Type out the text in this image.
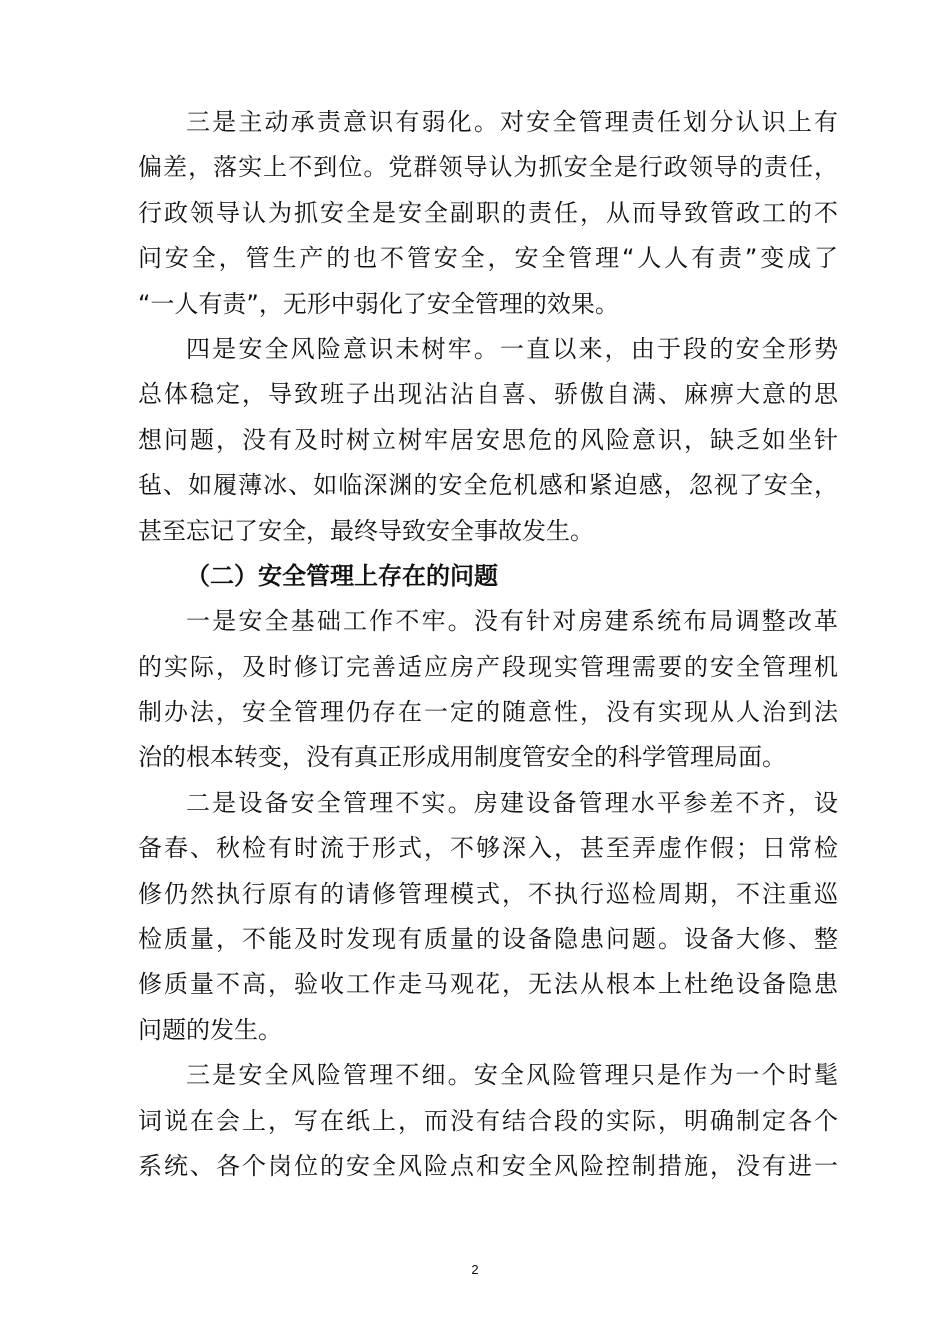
三是主动承责意识有弱化。对安全管理责任划分认识上有
偏差，落实上不到位。党群领导认为抓安全是行政领导的责任，
行政领导认为抓安全是安全副职的责任，从而导致管政工的不
问安全，管生产的也不管安全，安全管理“人人有责”变成了
“一人有责”，无形中弱化了安全管理的效果。
四是安全风险意识未树牢。一直以来，由于段的安全形势
总体稳定，导致班子出现沾沾自喜、骄傲自满、麻痹大意的思
想问题，没有及时树立树牢居安思危的风险意识，缺乏如坐针
毡、如履薄冰、如临深渊的安全危机感和紧迫感，忽视了安全，
甚至忘记了安全，最终导致安全事故发生。
（二）安全管理上存在的问题
一是安全基础工作不牢。没有针对房建系统布局调整改革
的实际，及时修订完善适应房产段现实管理需要的安全管理机
制办法，安全管理仍存在一定的随意性，没有实现从人治到法
治的根本转变，没有真正形成用制度管安全的科学管理局面。
二是设备安全管理不实。房建设备管理水平参差不齐，设
备春、秋检有时流于形式，不够深入，甚至弄虚作假；日常检
修仍然执行原有的请修管理模式，不执行巡检周期，不注重巡
检质量，不能及时发现有质量的设备隐患问题。设备大修、整
修质量不高，验收工作走马观花，无法从根本上杜绝设备隐患
问题的发生。
三是安全风险管理不细。安全风险管理只是作为一个时髦
词说在会上，写在纸上，而没有结合段的实际，明确制定各个
系统、各个岗位的安全风险点和安全风险控制措施，没有进一
2
